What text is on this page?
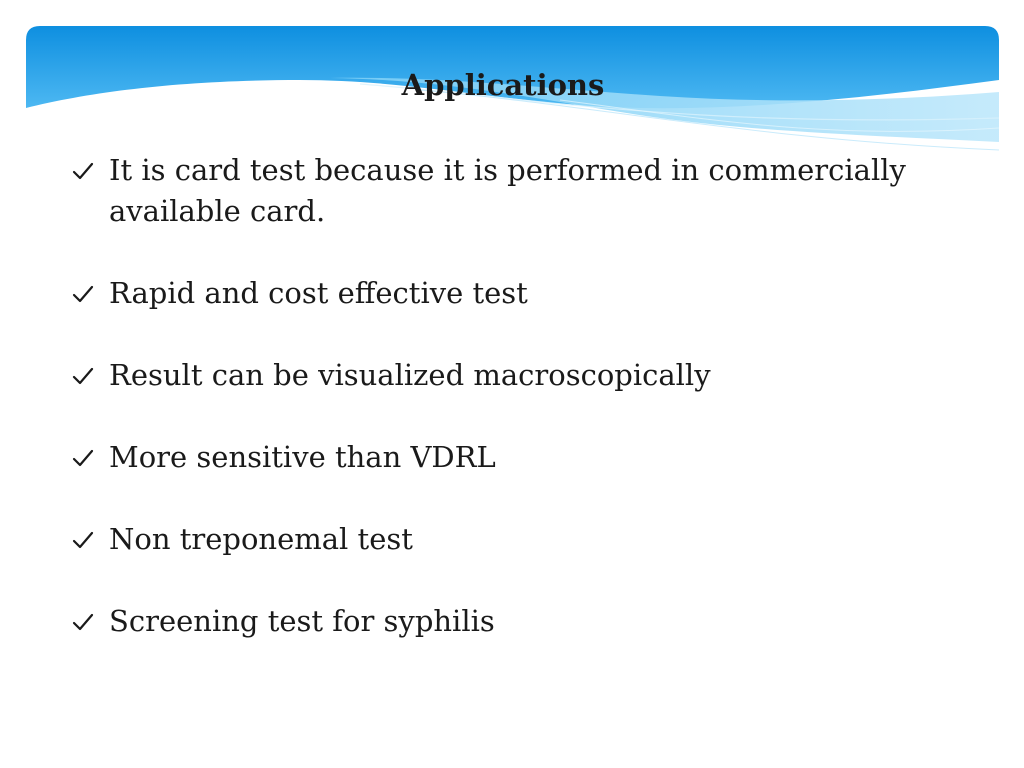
Applications
It is card test because it is performed in commercially available card.
Rapid and cost effective test
Result can be visualized macroscopically
More sensitive than VDRL
Non treponemal test
Screening test for syphilis
